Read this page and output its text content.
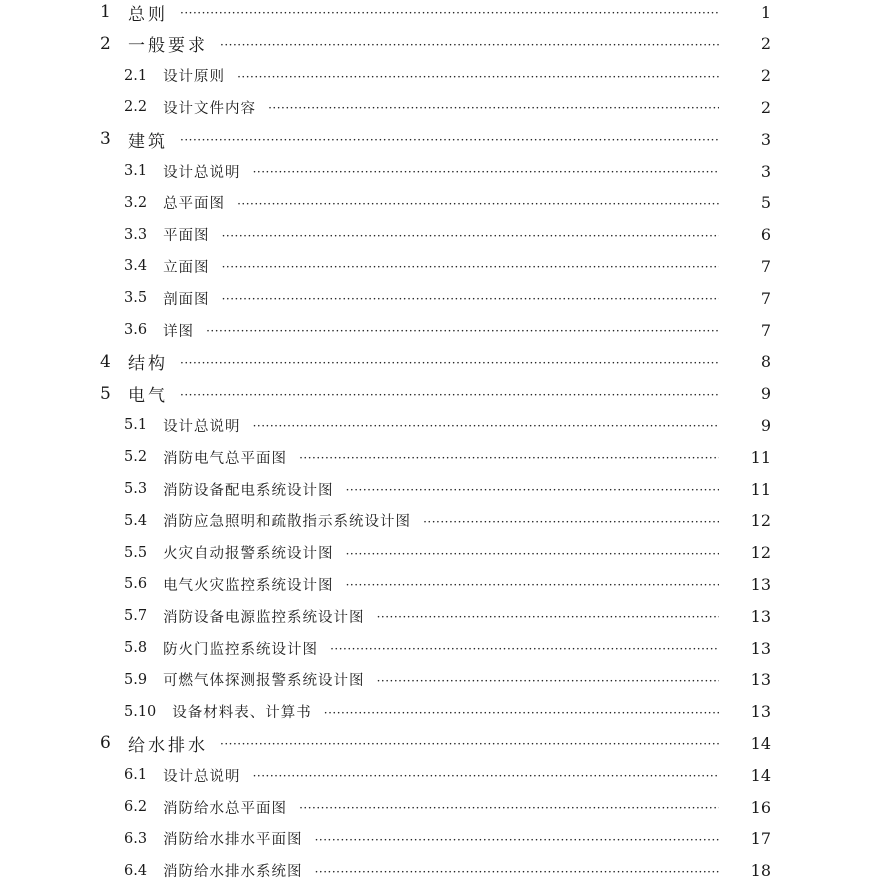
1	总则 ·····	1
2	一般要求 ·····	2
2.1 设计原则 ·····	2
2.2 设计文件内容 ·····	2
3	建筑 ·····	3
3.1 设计总说明 ·····	3
3.2 总平面图 ·····	5
3.3 平面图 ·····	6
3.4 立面图 ·····	7
3.5 剖面图 ·····	7
3.6 详图 ·····	7
4	结构 ·····	8
5	电气 ·····	9
5.1 设计总说明 ·····	9
5.2 消防电气总平面图 ·····	11
5.3 消防设备配电系统设计图 ·····	11
5.4 消防应急照明和疏散指示系统设计图 ·····	12
5.5 火灾自动报警系统设计图 ·····	12
5.6 电气火灾监控系统设计图 ·····	13
5.7 消防设备电源监控系统设计图 ·····	13
5.8 防火门监控系统设计图 ·····	13
5.9 可燃气体探测报警系统设计图 ·····	13
5.10 设备材料表、计算书 ·····	13
6	给水排水 ·····	14
6.1 设计总说明 ·····	14
6.2 消防给水总平面图 ·····	16
6.3 消防给水排水平面图 ·····	17
6.4 消防给水排水系统图 ·····	18
